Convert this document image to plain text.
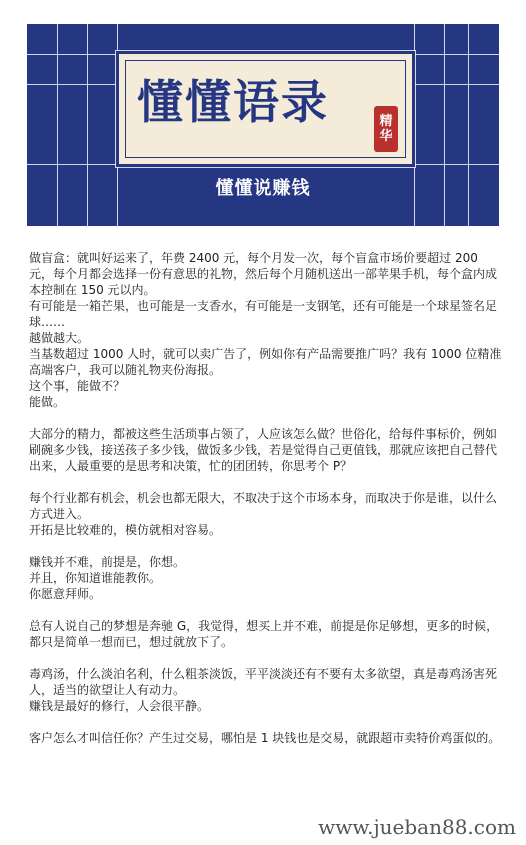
懂懂语录	精
华
懂懂说赚钱

做盲盒：就叫好运来了，年费 2400 元，每个月发一次，每个盲盒市场价要超过 200 元，每个月都会选择一份有意思的礼物，然后每个月随机送出一部苹果手机，每个盒内成本控制在 150 元以内。
有可能是一箱芒果，也可能是一支香水，有可能是一支钢笔，还有可能是一个球星签名足球……
越做越大。
当基数超过 1000 人时，就可以卖广告了，例如你有产品需要推广吗？我有 1000 位精准高端客户，我可以随礼物夹份海报。
这个事，能做不？
能做。

大部分的精力，都被这些生活琐事占领了，人应该怎么做？世俗化，给每件事标价，例如刷碗多少钱，接送孩子多少钱，做饭多少钱，若是觉得自己更值钱，那就应该把自己替代出来，人最重要的是思考和决策，忙的团团转，你思考个 P？

每个行业都有机会，机会也都无限大，不取决于这个市场本身，而取决于你是谁，以什么方式进入。
开拓是比较难的，模仿就相对容易。

赚钱并不难，前提是，你想。
并且，你知道谁能教你。
你愿意拜师。

总有人说自己的梦想是奔驰 G，我觉得，想买上并不难，前提是你足够想，更多的时候，都只是简单一想而已，想过就放下了。

毒鸡汤，什么淡泊名利，什么粗茶淡饭，平平淡淡还有不要有太多欲望，真是毒鸡汤害死人，适当的欲望让人有动力。
赚钱是最好的修行，人会很平静。

客户怎么才叫信任你？产生过交易，哪怕是 1 块钱也是交易，就跟超市卖特价鸡蛋似的。

www.jueban88.com
